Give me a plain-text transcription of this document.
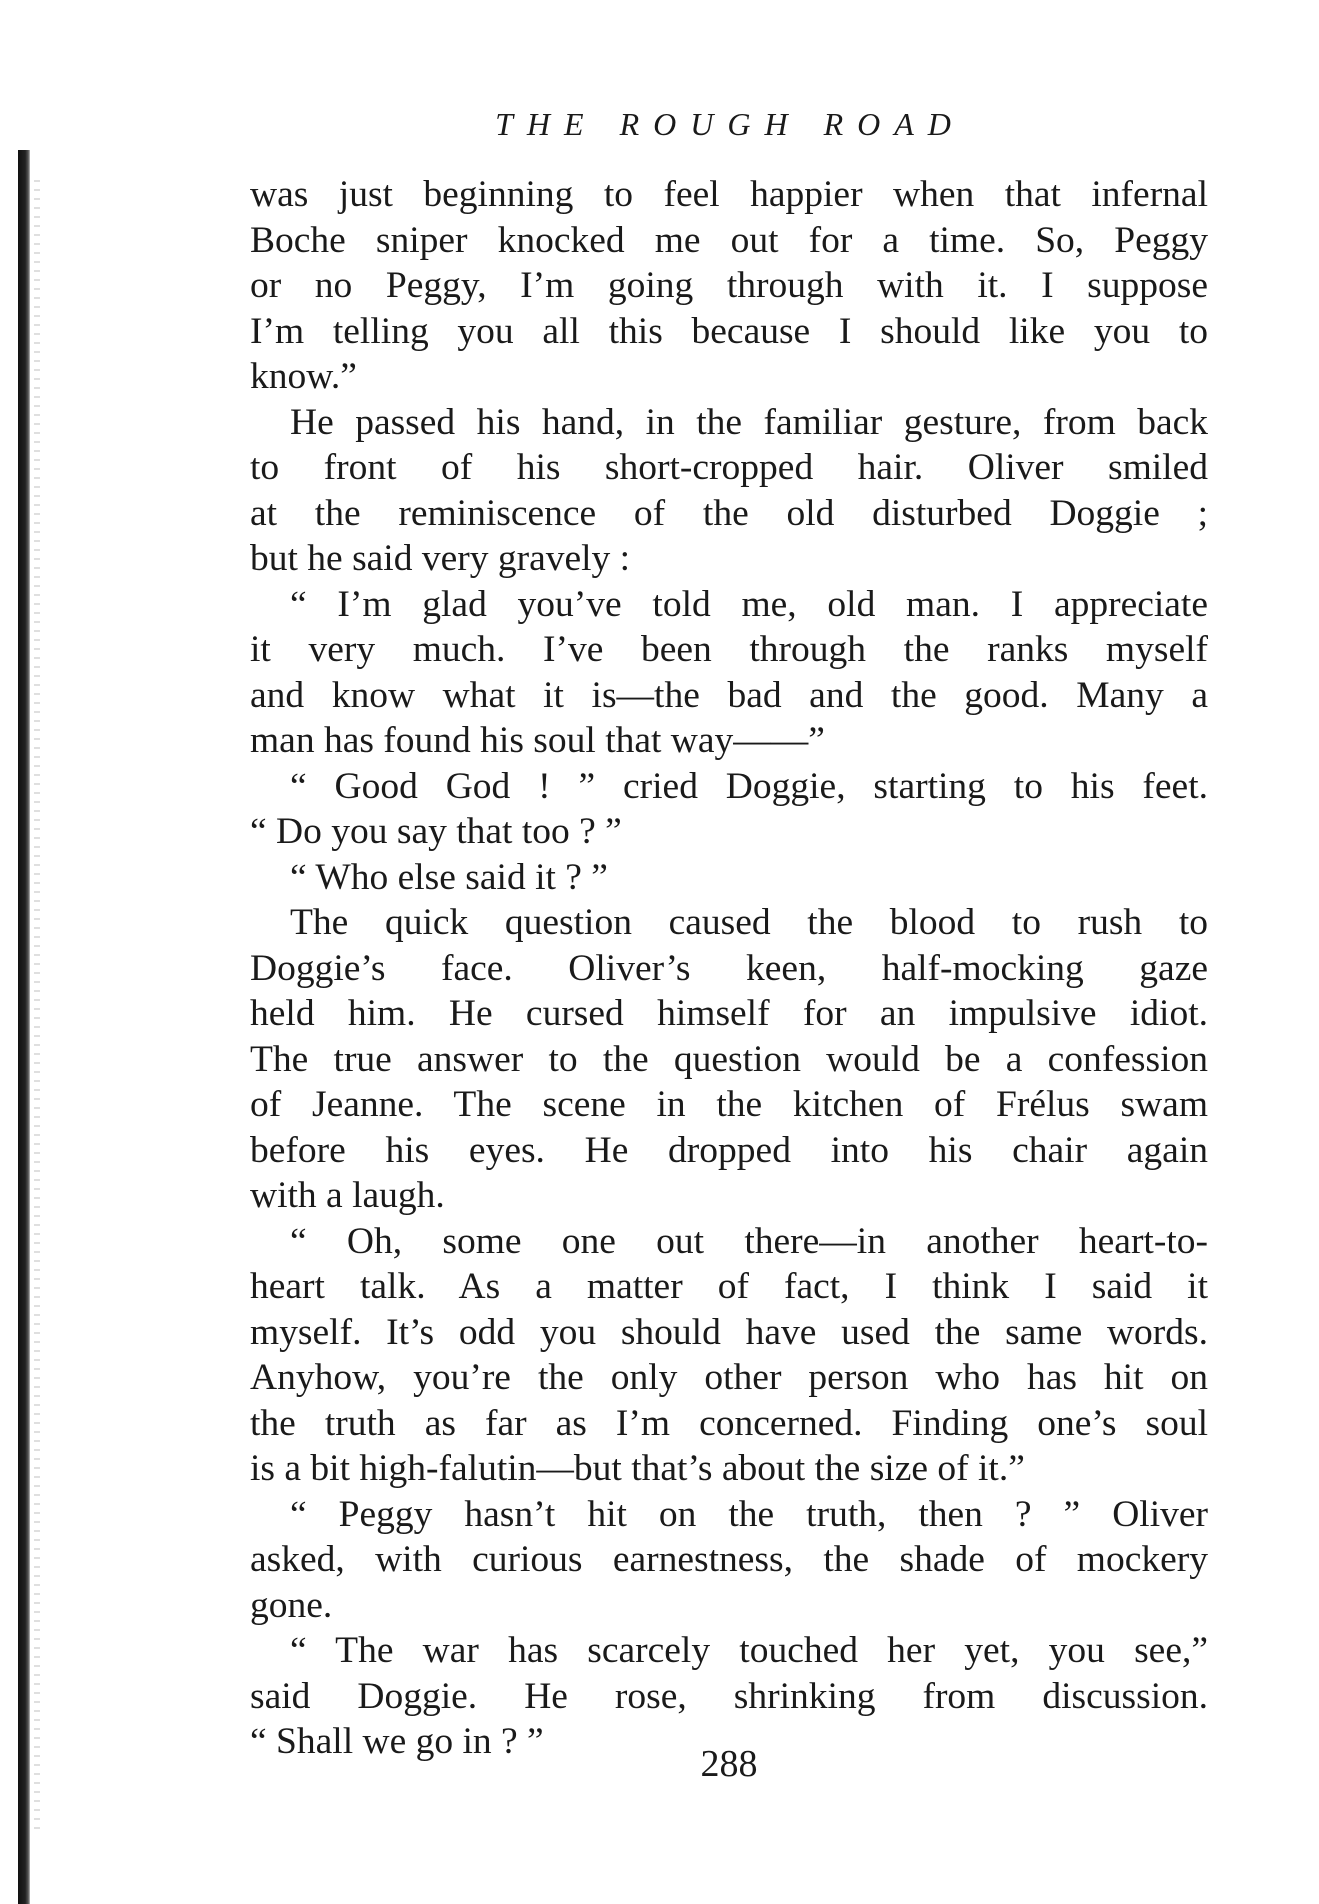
THE ROUGH ROAD
was just beginning to feel happier when that infernal
Boche sniper knocked me out for a time. So, Peggy
or no Peggy, I’m going through with it. I suppose
I’m telling you all this because I should like you to
know.”
He passed his hand, in the familiar gesture, from back
to front of his short-cropped hair. Oliver smiled
at the reminiscence of the old disturbed Doggie ;
but he said very gravely :
“ I’m glad you’ve told me, old man. I appreciate
it very much. I’ve been through the ranks myself
and know what it is—the bad and the good. Many a
man has found his soul that way——”
“ Good God ! ” cried Doggie, starting to his feet.
“ Do you say that too ? ”
“ Who else said it ? ”
The quick question caused the blood to rush to
Doggie’s face. Oliver’s keen, half-mocking gaze
held him. He cursed himself for an impulsive idiot.
The true answer to the question would be a confession
of Jeanne. The scene in the kitchen of Frélus swam
before his eyes. He dropped into his chair again
with a laugh.
“ Oh, some one out there—in another heart-to-
heart talk. As a matter of fact, I think I said it
myself. It’s odd you should have used the same words.
Anyhow, you’re the only other person who has hit on
the truth as far as I’m concerned. Finding one’s soul
is a bit high-falutin—but that’s about the size of it.”
“ Peggy hasn’t hit on the truth, then ? ” Oliver
asked, with curious earnestness, the shade of mockery
gone.
“ The war has scarcely touched her yet, you see,”
said Doggie. He rose, shrinking from discussion.
“ Shall we go in ? ”
288
